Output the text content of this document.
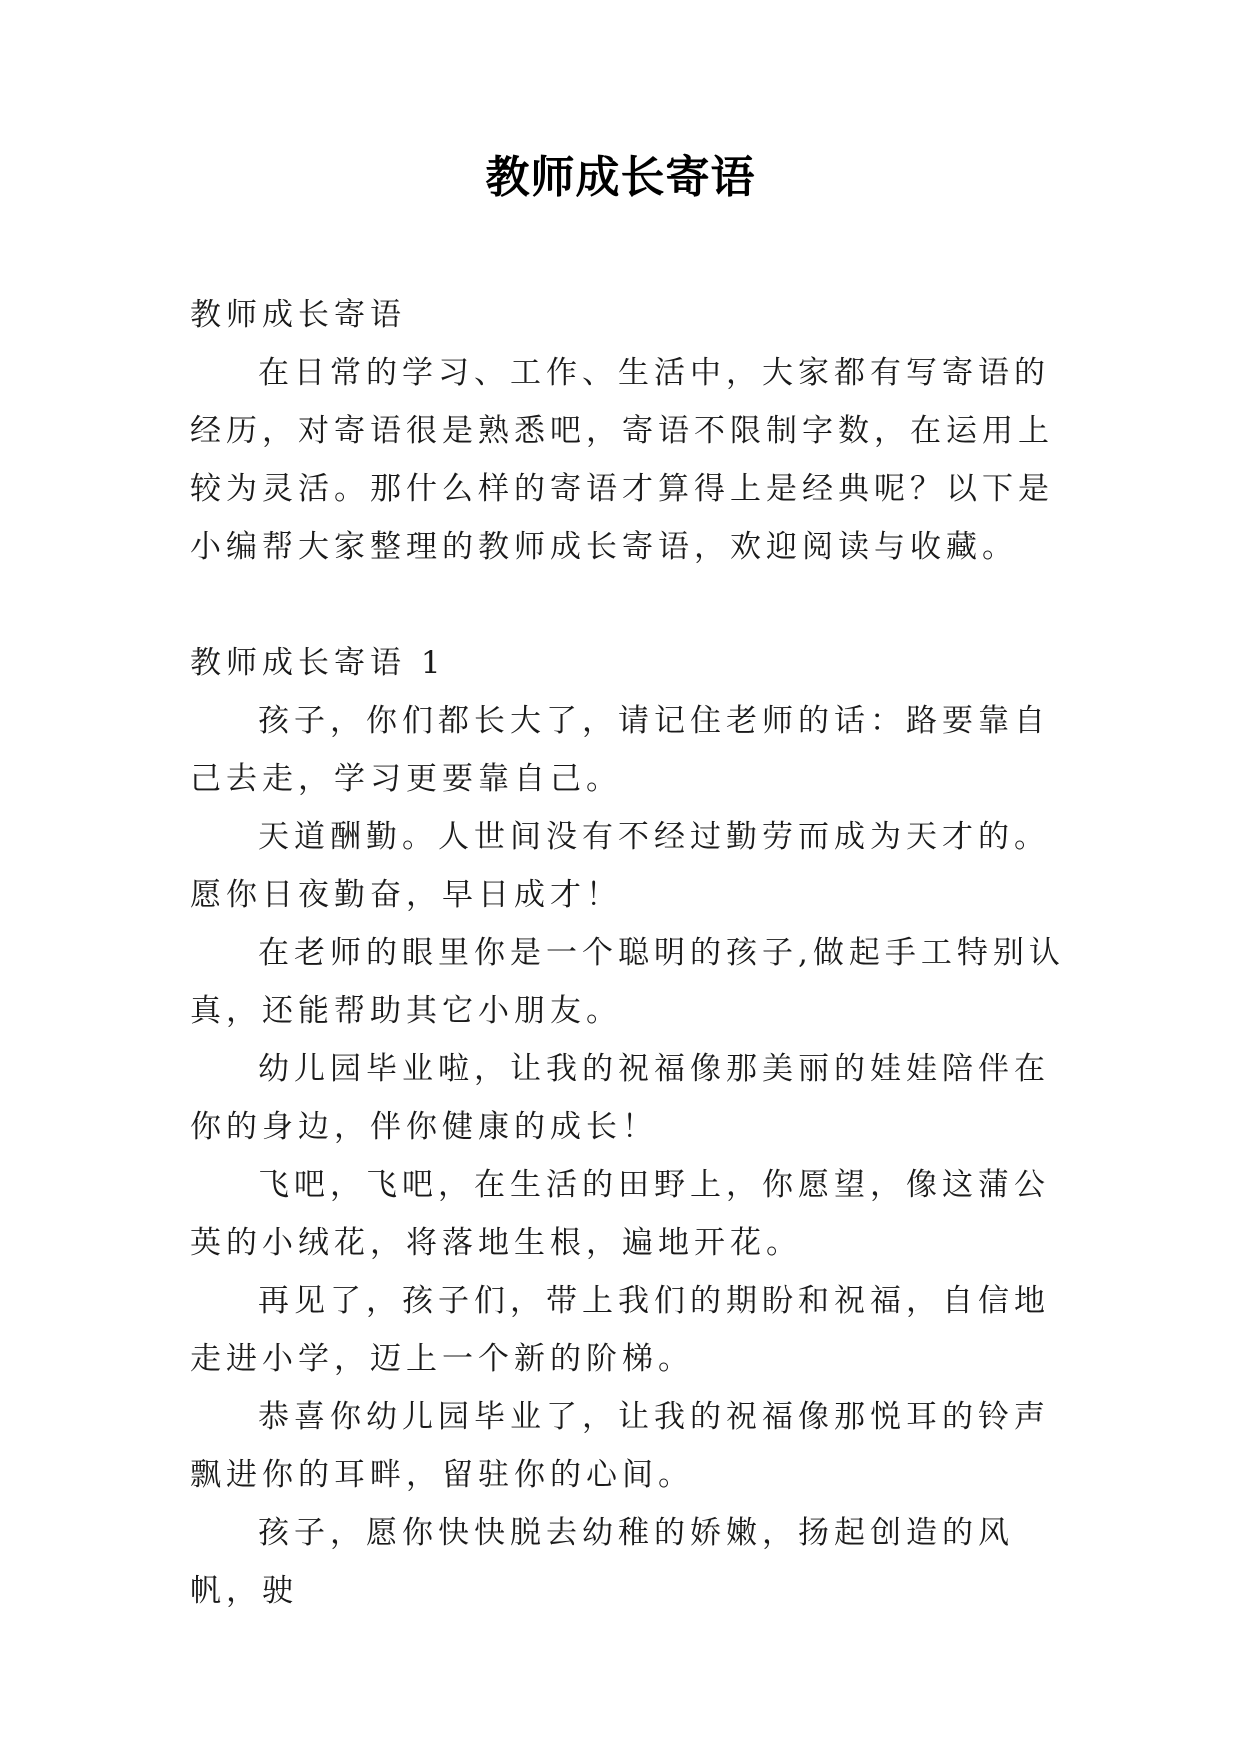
教师成长寄语

教师成长寄语

在日常的学习、工作、生活中，大家都有写寄语的经历，对寄语很是熟悉吧，寄语不限制字数，在运用上较为灵活。那什么样的寄语才算得上是经典呢？以下是小编帮大家整理的教师成长寄语，欢迎阅读与收藏。

教师成长寄语 1

孩子，你们都长大了，请记住老师的话：路要靠自己去走，学习更要靠自己。

天道酬勤。人世间没有不经过勤劳而成为天才的。愿你日夜勤奋，早日成才！

在老师的眼里你是一个聪明的孩子,做起手工特别认真，还能帮助其它小朋友。

幼儿园毕业啦，让我的祝福像那美丽的娃娃陪伴在你的身边，伴你健康的成长！

飞吧，飞吧，在生活的田野上，你愿望，像这蒲公英的小绒花，将落地生根，遍地开花。

再见了，孩子们，带上我们的期盼和祝福，自信地走进小学，迈上一个新的阶梯。

恭喜你幼儿园毕业了，让我的祝福像那悦耳的铃声飘进你的耳畔，留驻你的心间。

孩子，愿你快快脱去幼稚的娇嫩，扬起创造的风帆，驶
